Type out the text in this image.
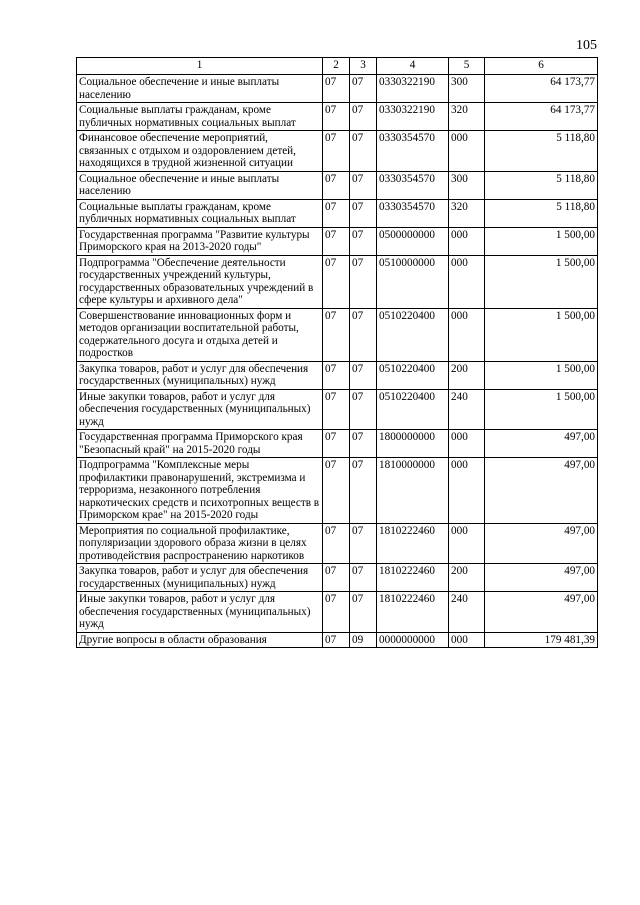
105
1	2	3	4	5	6
Социальное обеспечение и иные выплаты населению	07	07	0330322190	300	64 173,77
Социальные выплаты гражданам, кроме публичных нормативных социальных выплат	07	07	0330322190	320	64 173,77
Финансовое обеспечение мероприятий, связанных с отдыхом и оздоровлением детей, находящихся в трудной жизненной ситуации	07	07	0330354570	000	5 118,80
Социальное обеспечение и иные выплаты населению	07	07	0330354570	300	5 118,80
Социальные выплаты гражданам, кроме публичных нормативных социальных выплат	07	07	0330354570	320	5 118,80
Государственная программа "Развитие культуры Приморского края на 2013-2020 годы"	07	07	0500000000	000	1 500,00
Подпрограмма "Обеспечение деятельности государственных учреждений культуры, государственных образовательных учреждений в сфере культуры и архивного дела"	07	07	0510000000	000	1 500,00
Совершенствование инновационных форм и методов организации воспитательной работы, содержательного досуга и отдыха детей и подростков	07	07	0510220400	000	1 500,00
Закупка товаров, работ и услуг для обеспечения государственных (муниципальных) нужд	07	07	0510220400	200	1 500,00
Иные закупки товаров, работ и услуг для обеспечения государственных (муниципальных) нужд	07	07	0510220400	240	1 500,00
Государственная программа Приморского края "Безопасный край" на 2015-2020 годы	07	07	1800000000	000	497,00
Подпрограмма "Комплексные меры профилактики правонарушений, экстремизма и терроризма, незаконного потребления наркотических средств и психотропных веществ в Приморском крае" на 2015-2020 годы	07	07	1810000000	000	497,00
Мероприятия по социальной профилактике, популяризации здорового образа жизни в целях противодействия распространению наркотиков	07	07	1810222460	000	497,00
Закупка товаров, работ и услуг для обеспечения государственных (муниципальных) нужд	07	07	1810222460	200	497,00
Иные закупки товаров, работ и услуг для обеспечения государственных (муниципальных) нужд	07	07	1810222460	240	497,00
Другие вопросы в области образования	07	09	0000000000	000	179 481,39
